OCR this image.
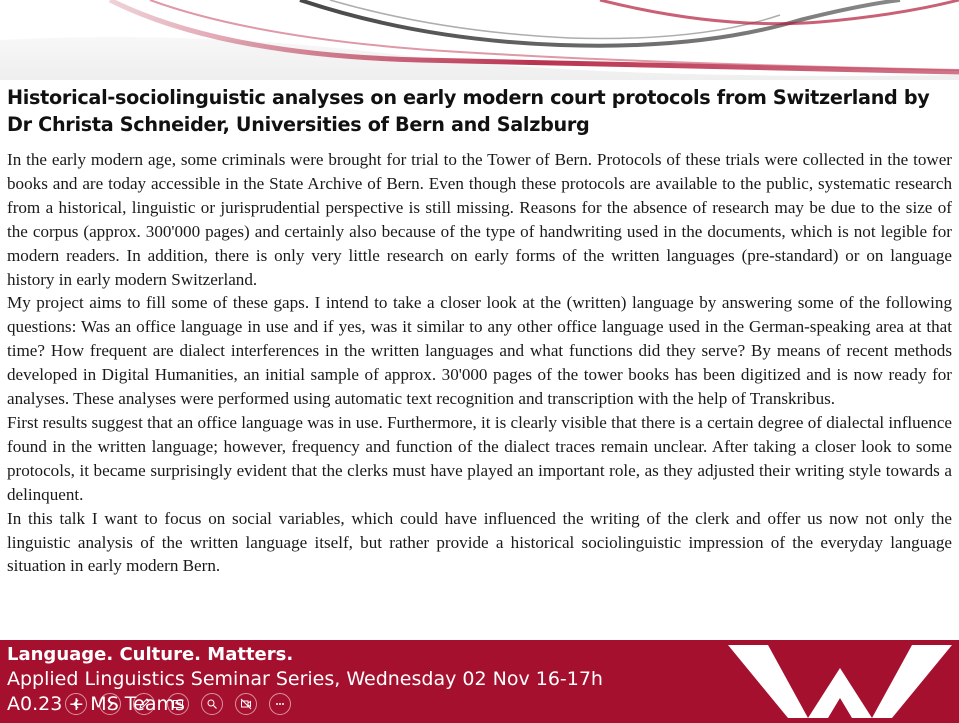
Historical-sociolinguistic analyses on early modern court protocols from Switzerland by Dr Christa Schneider, Universities of Bern and Salzburg

In the early modern age, some criminals were brought for trial to the Tower of Bern. Protocols of these trials were collected in the tower books and are today accessible in the State Archive of Bern. Even though these protocols are available to the public, systematic research from a historical, linguistic or jurisprudential perspective is still missing. Reasons for the absence of research may be due to the size of the corpus (approx. 300'000 pages) and certainly also because of the type of handwriting used in the documents, which is not legible for modern readers. In addition, there is only very little research on early forms of the written languages (pre-standard) or on language history in early modern Switzerland.

My project aims to fill some of these gaps. I intend to take a closer look at the (written) language by answering some of the following questions: Was an office language in use and if yes, was it similar to any other office language used in the German-speaking area at that time? How frequent are dialect interferences in the written languages and what functions did they serve? By means of recent methods developed in Digital Humanities, an initial sample of approx. 30'000 pages of the tower books has been digitized and is now ready for analyses. These analyses were performed using automatic text recognition and transcription with the help of Transkribus.

First results suggest that an office language was in use. Furthermore, it is clearly visible that there is a certain degree of dialectal influence found in the written language; however, frequency and function of the dialect traces remain unclear. After taking a closer look to some protocols, it became surprisingly evident that the clerks must have played an important role, as they adjusted their writing style towards a delinquent.

In this talk I want to focus on social variables, which could have influenced the writing of the clerk and offer us now not only the linguistic analysis of the written language itself, but rather provide a historical sociolinguistic impression of the everyday language situation in early modern Bern.

Language. Culture. Matters.
Applied Linguistics Seminar Series, Wednesday 02 Nov 16-17h
A0.23 + MS Teams
